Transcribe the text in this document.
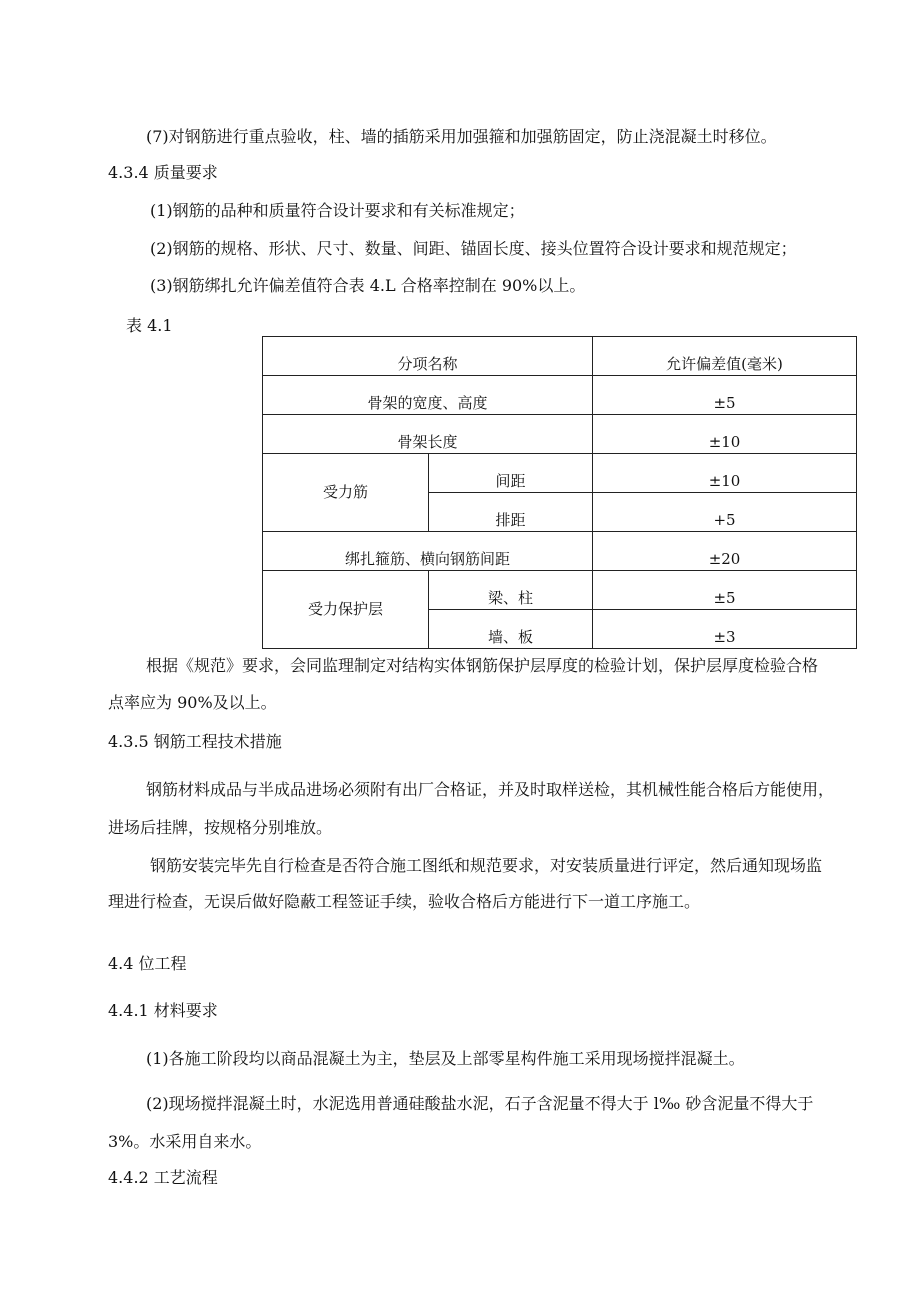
(7)对钢筋进行重点验收，柱、墙的插筋采用加强箍和加强筋固定，防止浇混凝土时移位。
4.3.4 质量要求
(1)钢筋的品种和质量符合设计要求和有关标准规定；
(2)钢筋的规格、形状、尺寸、数量、间距、锚固长度、接头位置符合设计要求和规范规定；
(3)钢筋绑扎允许偏差值符合表 4.L 合格率控制在 90%以上。
表 4.1
分项名称		允许偏差值(毫米)
骨架的宽度、高度		±5
骨架长度		±10
受力筋	间距	±10
	排距	+5
绑扎箍筋、横向钢筋间距		±20
受力保护层	梁、柱	±5
	墙、板	±3
根据《规范》要求，会同监理制定对结构实体钢筋保护层厚度的检验计划，保护层厚度检验合格
点率应为 90%及以上。
4.3.5 钢筋工程技术措施
钢筋材料成品与半成品进场必须附有出厂合格证，并及时取样送检，其机械性能合格后方能使用，
进场后挂牌，按规格分别堆放。
钢筋安装完毕先自行检查是否符合施工图纸和规范要求，对安装质量进行评定，然后通知现场监
理进行检查，无误后做好隐蔽工程签证手续，验收合格后方能进行下一道工序施工。
4.4 位工程
4.4.1 材料要求
(1)各施工阶段均以商品混凝土为主，垫层及上部零星构件施工采用现场搅拌混凝土。
(2)现场搅拌混凝土时，水泥选用普通硅酸盐水泥，石子含泥量不得大于 l‰ 砂含泥量不得大于
3%。水采用自来水。
4.4.2 工艺流程
